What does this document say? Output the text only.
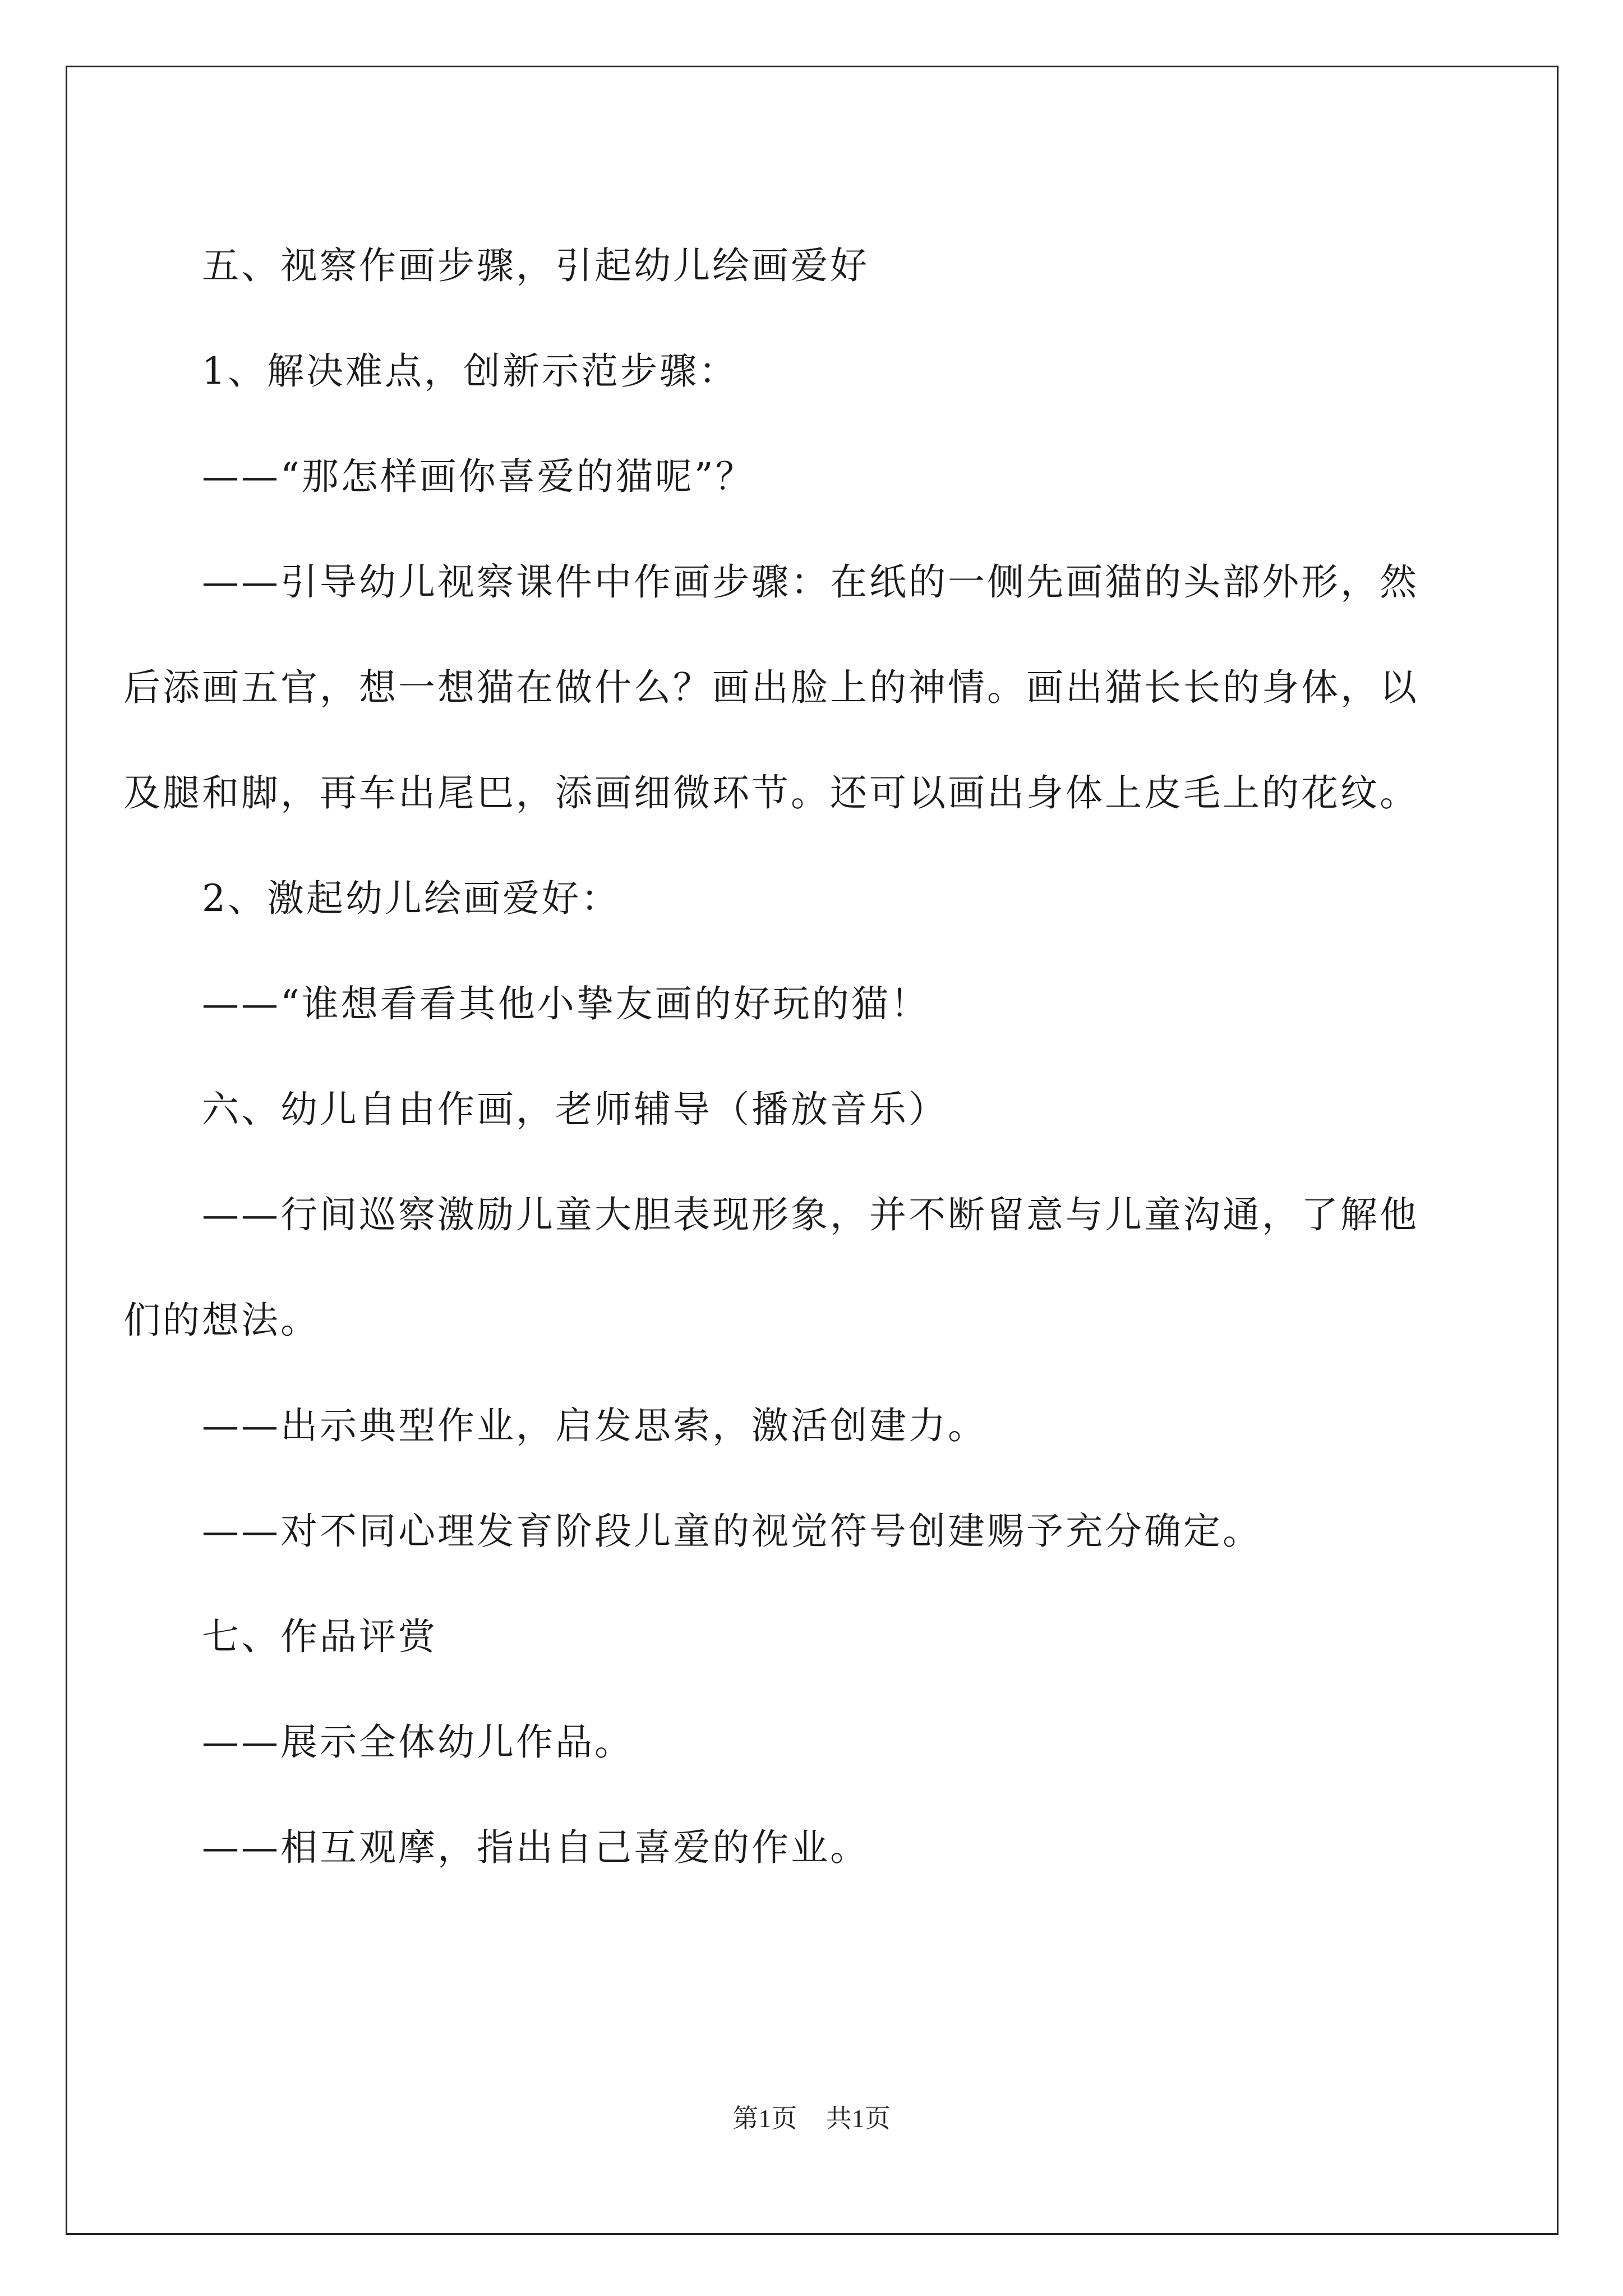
五、视察作画步骤，引起幼儿绘画爱好

1、解决难点，创新示范步骤：

——“那怎样画你喜爱的猫呢”？

——引导幼儿视察课件中作画步骤：在纸的一侧先画猫的头部外形，然后添画五官，想一想猫在做什么？画出脸上的神情。画出猫长长的身体，以及腿和脚，再车出尾巴，添画细微环节。还可以画出身体上皮毛上的花纹。

2、激起幼儿绘画爱好：

——“谁想看看其他小挚友画的好玩的猫！

六、幼儿自由作画，老师辅导（播放音乐）

——行间巡察激励儿童大胆表现形象，并不断留意与儿童沟通，了解他们的想法。

——出示典型作业，启发思索，激活创建力。

——对不同心理发育阶段儿童的视觉符号创建赐予充分确定。

七、作品评赏

——展示全体幼儿作品。

——相互观摩，指出自己喜爱的作业。

第1页 共1页
